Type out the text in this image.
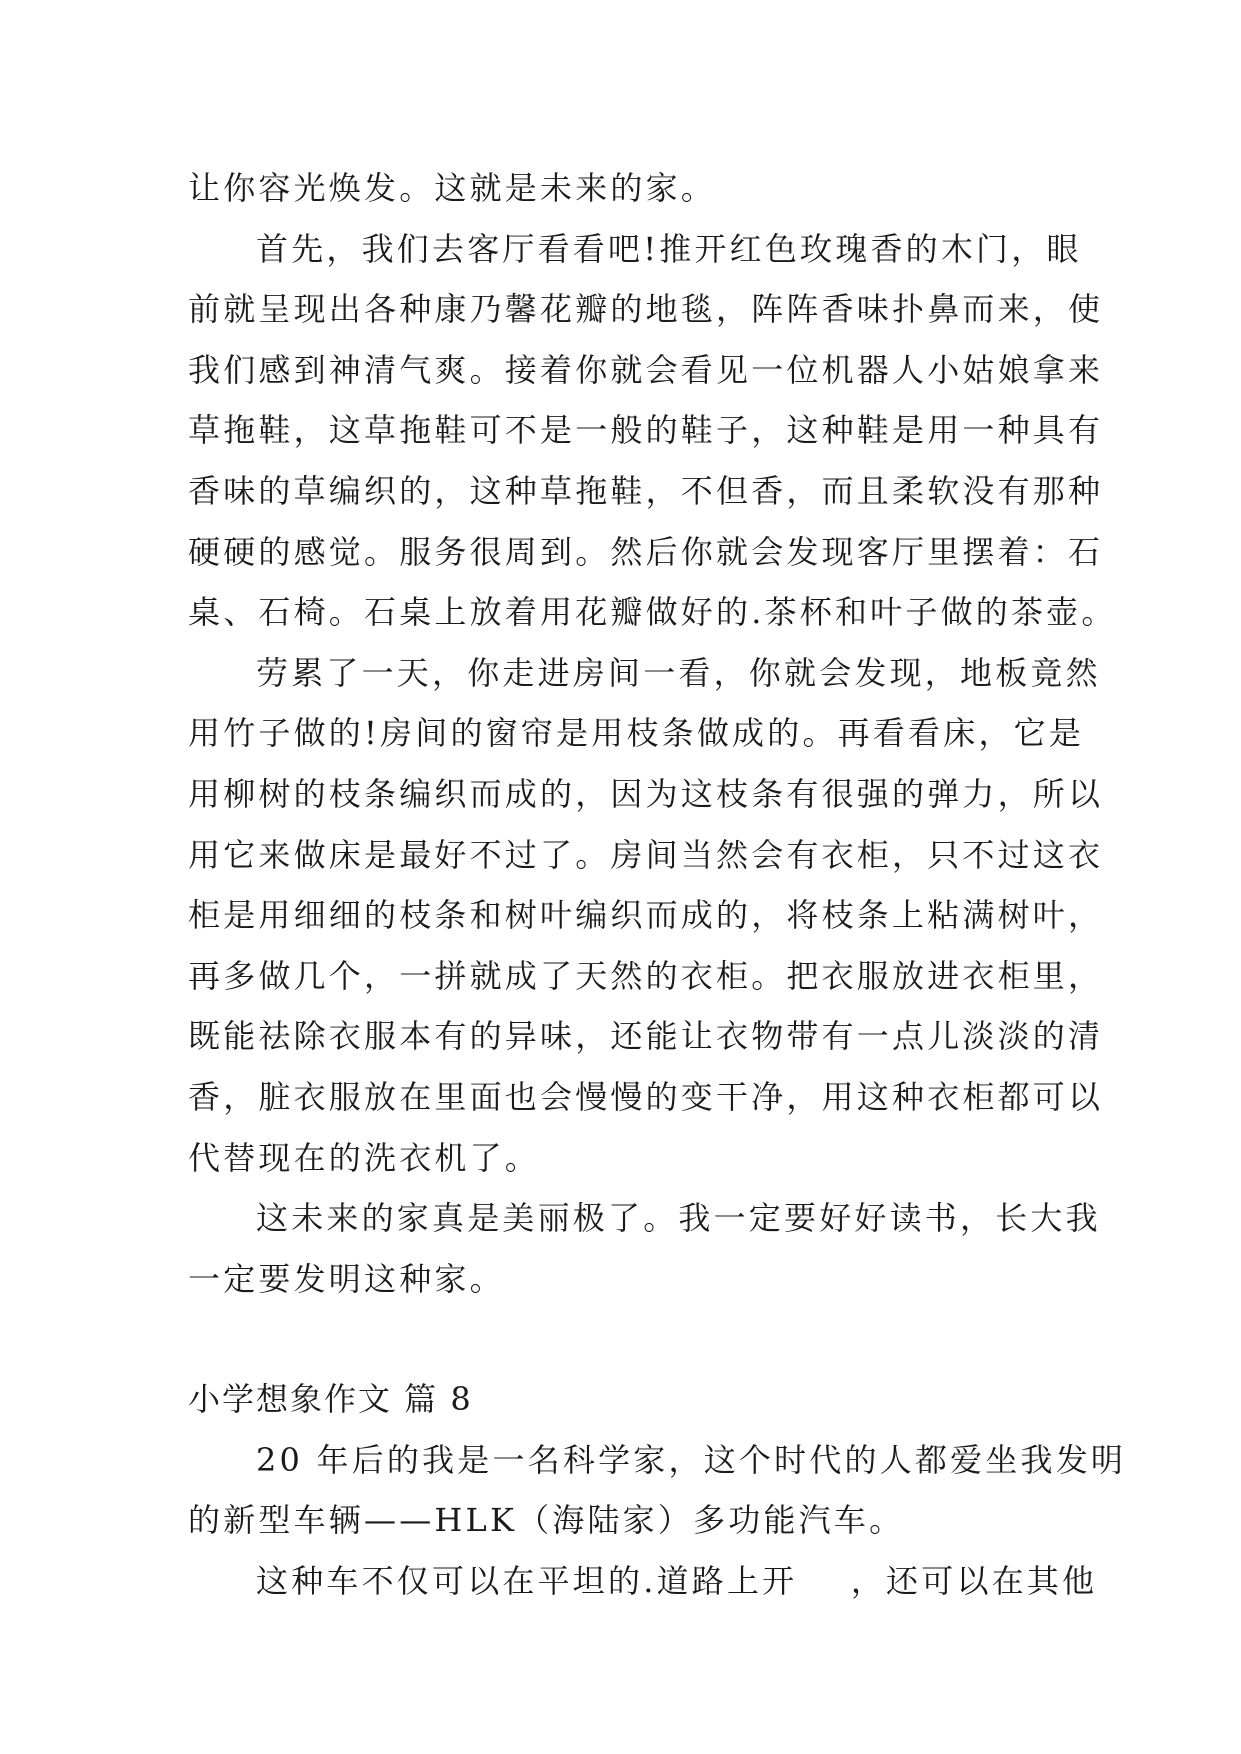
让你容光焕发。这就是未来的家。
首先，我们去客厅看看吧!推开红色玫瑰香的木门，眼
前就呈现出各种康乃馨花瓣的地毯，阵阵香味扑鼻而来，使
我们感到神清气爽。接着你就会看见一位机器人小姑娘拿来
草拖鞋，这草拖鞋可不是一般的鞋子，这种鞋是用一种具有
香味的草编织的，这种草拖鞋，不但香，而且柔软没有那种
硬硬的感觉。服务很周到。然后你就会发现客厅里摆着：石
桌、石椅。石桌上放着用花瓣做好的.茶杯和叶子做的茶壶。
劳累了一天，你走进房间一看，你就会发现，地板竟然
用竹子做的!房间的窗帘是用枝条做成的。再看看床，它是
用柳树的枝条编织而成的，因为这枝条有很强的弹力，所以
用它来做床是最好不过了。房间当然会有衣柜，只不过这衣
柜是用细细的枝条和树叶编织而成的，将枝条上粘满树叶，
再多做几个，一拼就成了天然的衣柜。把衣服放进衣柜里，
既能祛除衣服本有的异味，还能让衣物带有一点儿淡淡的清
香，脏衣服放在里面也会慢慢的变干净，用这种衣柜都可以
代替现在的洗衣机了。
这未来的家真是美丽极了。我一定要好好读书，长大我
一定要发明这种家。
小学想象作文 篇 8
20 年后的我是一名科学家，这个时代的人都爱坐我发明
的新型车辆——HLK（海陆家）多功能汽车。
这种车不仅可以在平坦的.道路上开    ，还可以在其他
